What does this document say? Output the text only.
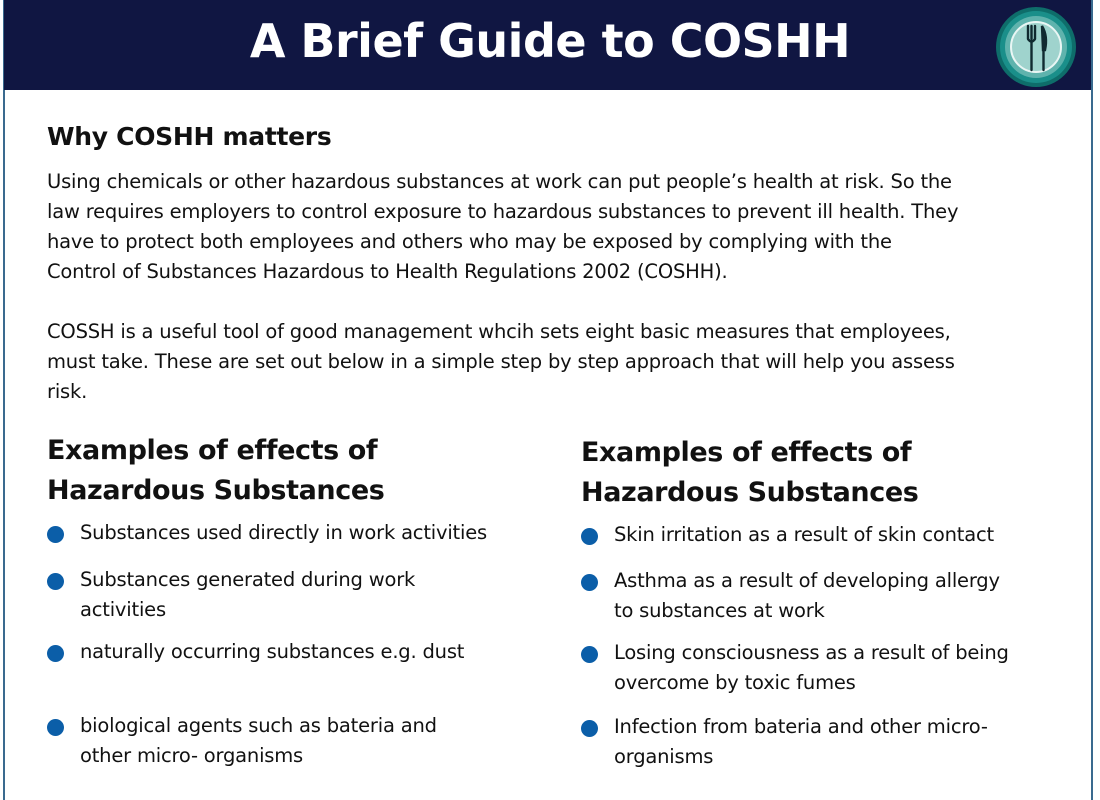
A Brief Guide to COSHH
Why COSHH matters
Using chemicals or other hazardous substances at work can put people’s health at risk. So the
law requires employers to control exposure to hazardous substances to prevent ill health. They
have to protect both employees and others who may be exposed by complying with the
Control of Substances Hazardous to Health Regulations 2002 (COSHH).
COSSH is a useful tool of good management whcih sets eight basic measures that employees,
must take. These are set out below in a simple step by step approach that will help you assess
risk.
Examples of effects of
Hazardous Substances
Substances used directly in work activities
Substances generated during work
activities
naturally occurring substances e.g. dust
biological agents such as bateria and
other micro- organisms
Examples of effects of
Hazardous Substances
Skin irritation as a result of skin contact
Asthma as a result of developing allergy
to substances at work
Losing consciousness as a result of being
overcome by toxic fumes
Infection from bateria and other micro-
organisms
